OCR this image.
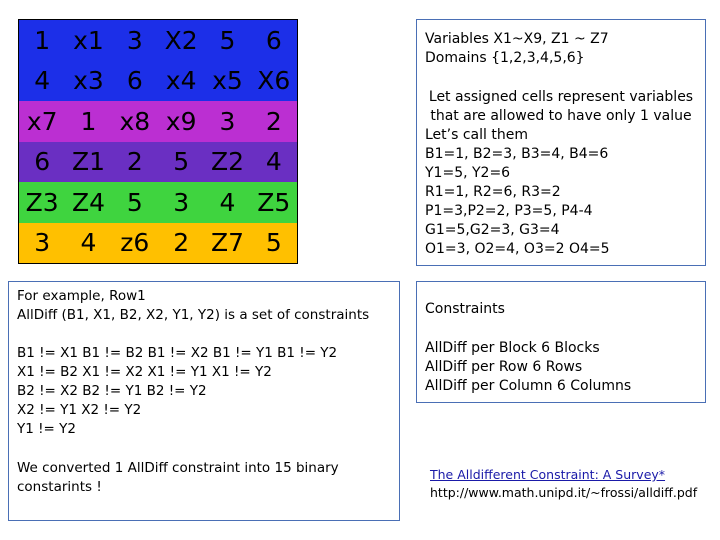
1 x1 3 X2 5	6
4 x3 6 x4 x5 X6
x7 1 x8 x9 3	2
6 Z1 2	5 Z2 4
Z3 Z4 5	3	4 Z5
3	4 z6 2 Z7 5
Variables X1~X9, Z1 ~ Z7
Domains {1,2,3,4,5,6}
Let assigned cells represent variables
that are allowed to have only 1 value
Let’s call them
B1=1, B2=3, B3=4, B4=6
Y1=5, Y2=6
R1=1, R2=6, R3=2
P1=3,P2=2, P3=5, P4-4
G1=5,G2=3, G3=4
O1=3, O2=4, O3=2 O4=5
For example, Row1
AllDiff (B1, X1, B2, X2, Y1, Y2) is a set of constraints
B1 != X1 B1 != B2 B1 != X2 B1 != Y1 B1 != Y2
X1 != B2 X1 != X2 X1 != Y1 X1 != Y2
B2 != X2 B2 != Y1 B2 != Y2
X2 != Y1 X2 != Y2
Y1 != Y2
We converted 1 AllDiff constraint into 15 binary
constarints !
Constraints
AllDiff per Block 6 Blocks
AllDiff per Row 6 Rows
AllDiff per Column 6 Columns
The Alldifferent Constraint: A Survey*
http://www.math.unipd.it/~frossi/alldiff.pdf
